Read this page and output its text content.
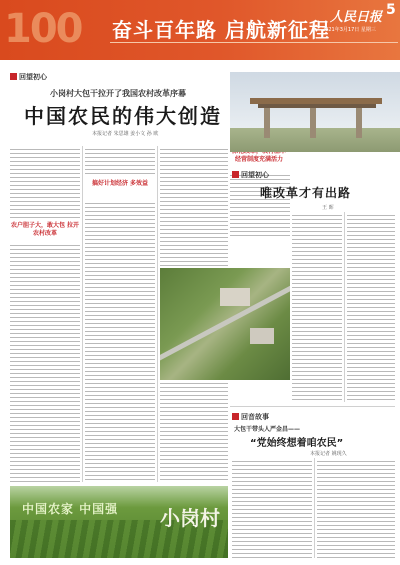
100 奋斗百年路 启航新征程
人民日报 5
2021年3月17日 星期三
回望初心
小岗村大包干拉开了我国农村改革序幕
中国农民的伟大创造
本报记者 朱思雄 姜小文 孙 欧
农户胆子大，敢大包 拉开农村改革
搞好计划经济 多效益
经营制度充满活力
回望初心
唯改革才有出路
王 晖
回音故事
大包干带头人严金昌——
“党始终想着咱农民”
本报记者 姚现久
中国农家 中国强 小岗村
